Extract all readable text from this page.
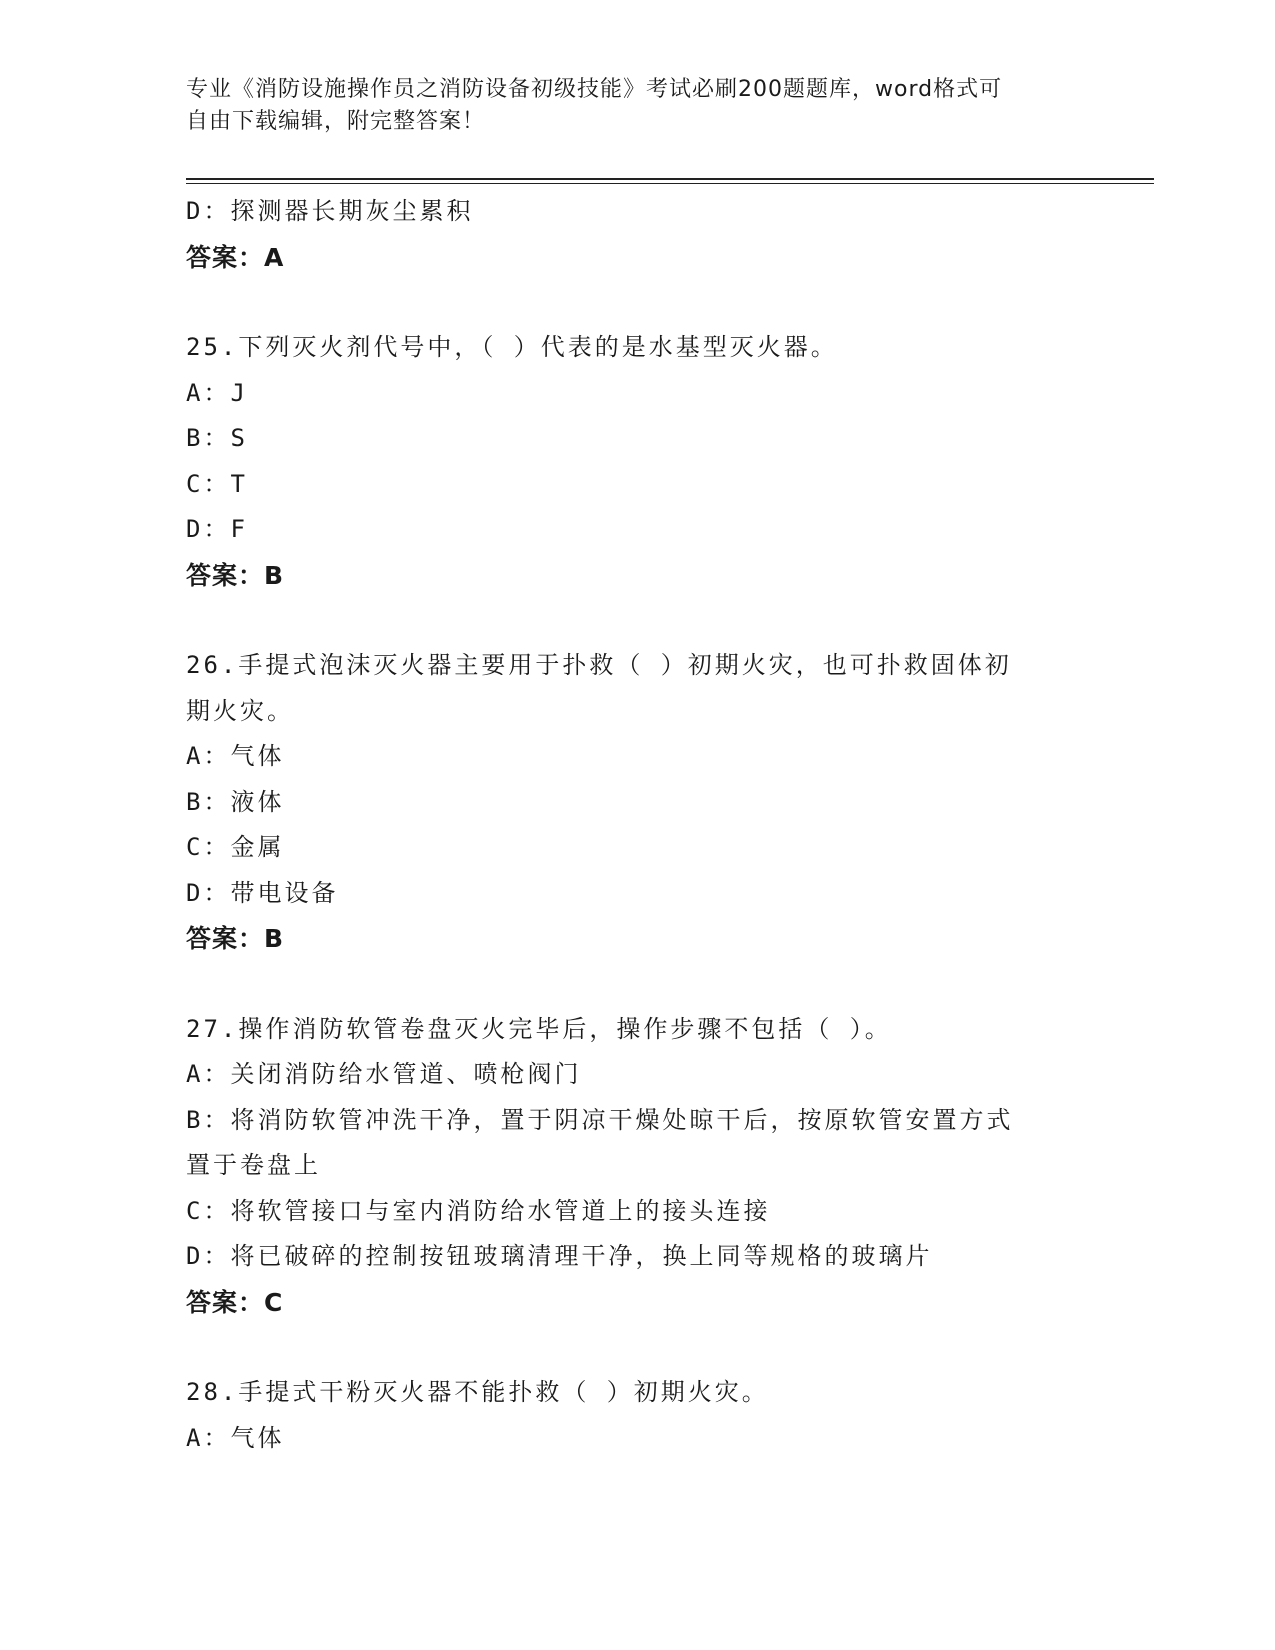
专业《消防设施操作员之消防设备初级技能》考试必刷200题题库，word格式可
自由下载编辑，附完整答案！
D：探测器长期灰尘累积
答案：A
25.下列灭火剂代号中，（ ）代表的是水基型灭火器。
A：J
B：S
C：T
D：F
答案：B
26.手提式泡沫灭火器主要用于扑救（ ）初期火灾，也可扑救固体初
期火灾。
A：气体
B：液体
C：金属
D：带电设备
答案：B
27.操作消防软管卷盘灭火完毕后，操作步骤不包括（ ）。
A：关闭消防给水管道、喷枪阀门
B：将消防软管冲洗干净，置于阴凉干燥处晾干后，按原软管安置方式
置于卷盘上
C：将软管接口与室内消防给水管道上的接头连接
D：将已破碎的控制按钮玻璃清理干净，换上同等规格的玻璃片
答案：C
28.手提式干粉灭火器不能扑救（ ）初期火灾。
A：气体
